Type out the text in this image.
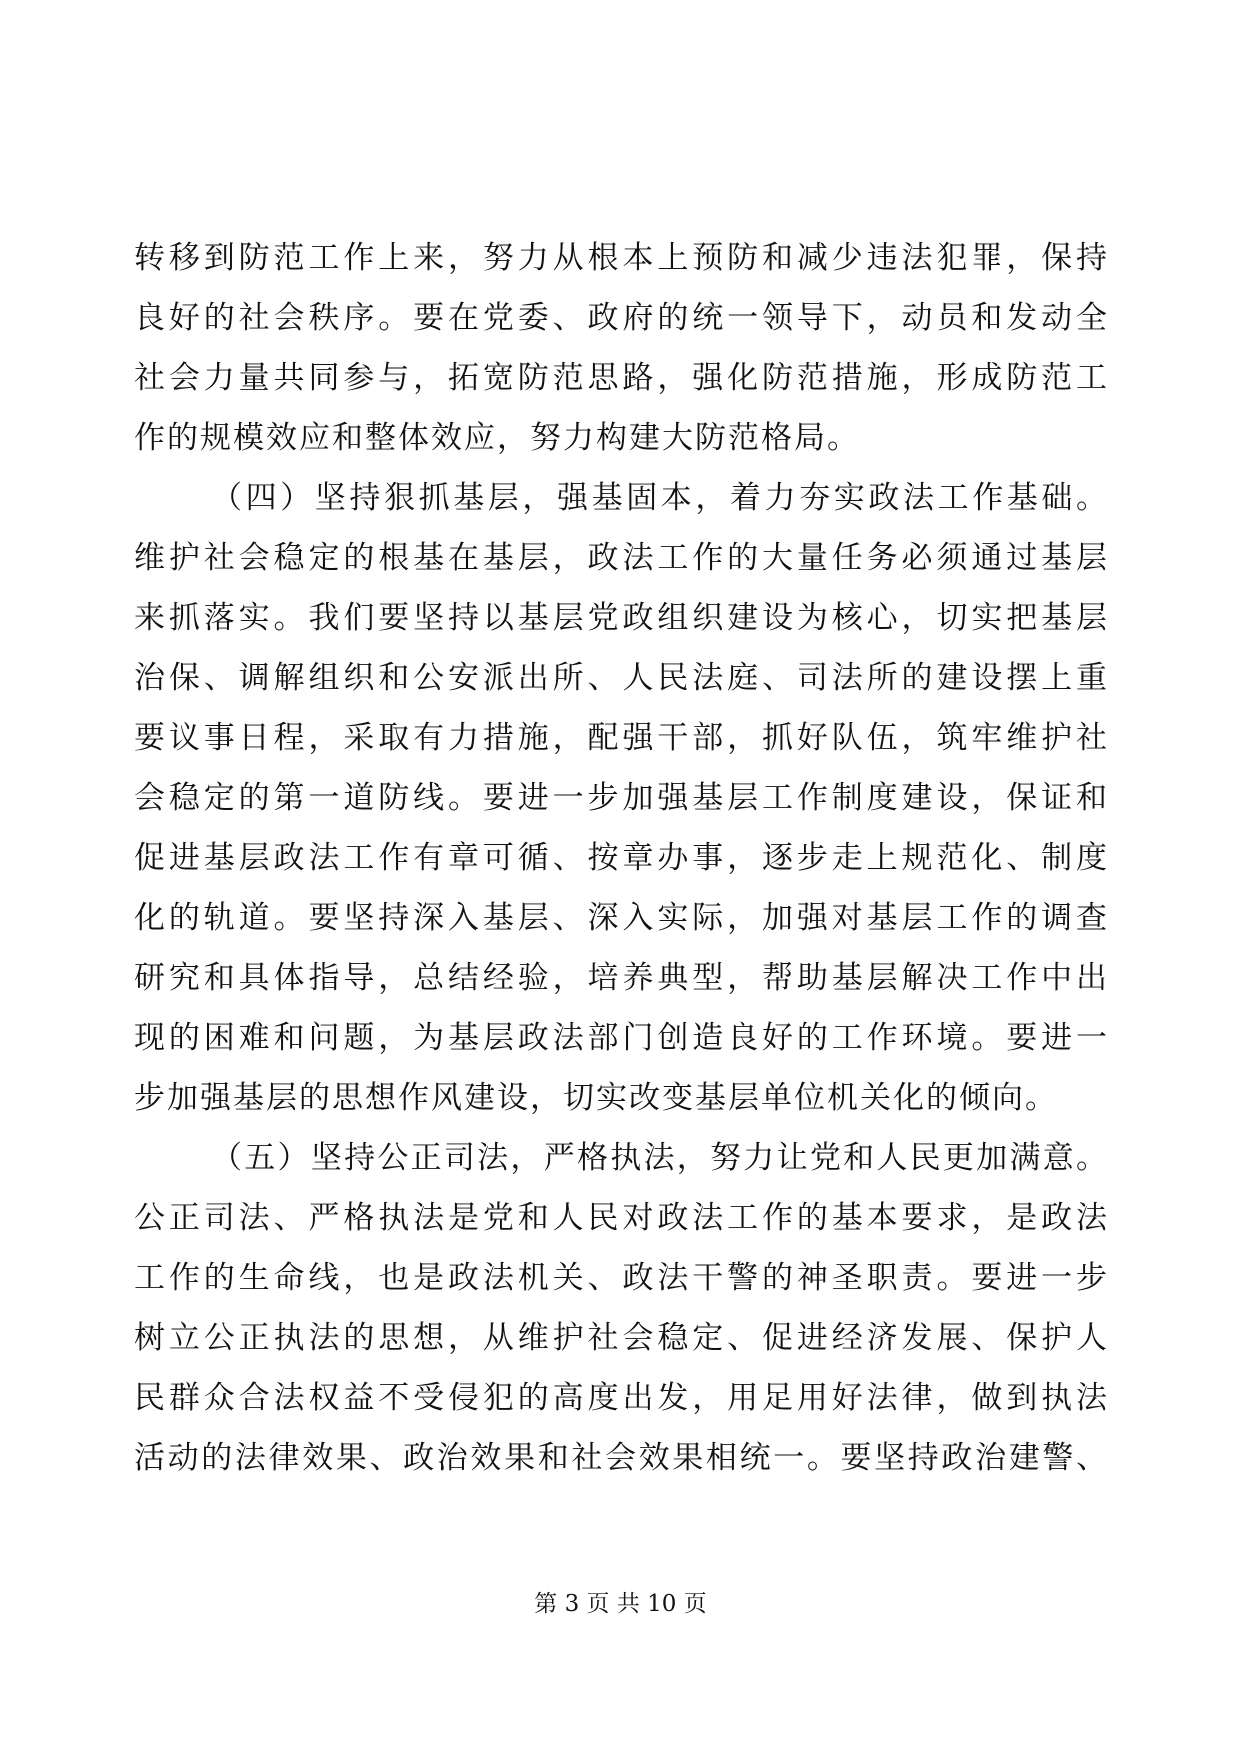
转移到防范工作上来，努力从根本上预防和减少违法犯罪，保持
良好的社会秩序。要在党委、政府的统一领导下，动员和发动全
社会力量共同参与，拓宽防范思路，强化防范措施，形成防范工
作的规模效应和整体效应，努力构建大防范格局。
（四）坚持狠抓基层，强基固本，着力夯实政法工作基础。
维护社会稳定的根基在基层，政法工作的大量任务必须通过基层
来抓落实。我们要坚持以基层党政组织建设为核心，切实把基层
治保、调解组织和公安派出所、人民法庭、司法所的建设摆上重
要议事日程，采取有力措施，配强干部，抓好队伍，筑牢维护社
会稳定的第一道防线。要进一步加强基层工作制度建设，保证和
促进基层政法工作有章可循、按章办事，逐步走上规范化、制度
化的轨道。要坚持深入基层、深入实际，加强对基层工作的调查
研究和具体指导，总结经验，培养典型，帮助基层解决工作中出
现的困难和问题，为基层政法部门创造良好的工作环境。要进一
步加强基层的思想作风建设，切实改变基层单位机关化的倾向。
（五）坚持公正司法，严格执法，努力让党和人民更加满意。
公正司法、严格执法是党和人民对政法工作的基本要求，是政法
工作的生命线，也是政法机关、政法干警的神圣职责。要进一步
树立公正执法的思想，从维护社会稳定、促进经济发展、保护人
民群众合法权益不受侵犯的高度出发，用足用好法律，做到执法
活动的法律效果、政治效果和社会效果相统一。要坚持政治建警、
第 3 页 共 10 页
